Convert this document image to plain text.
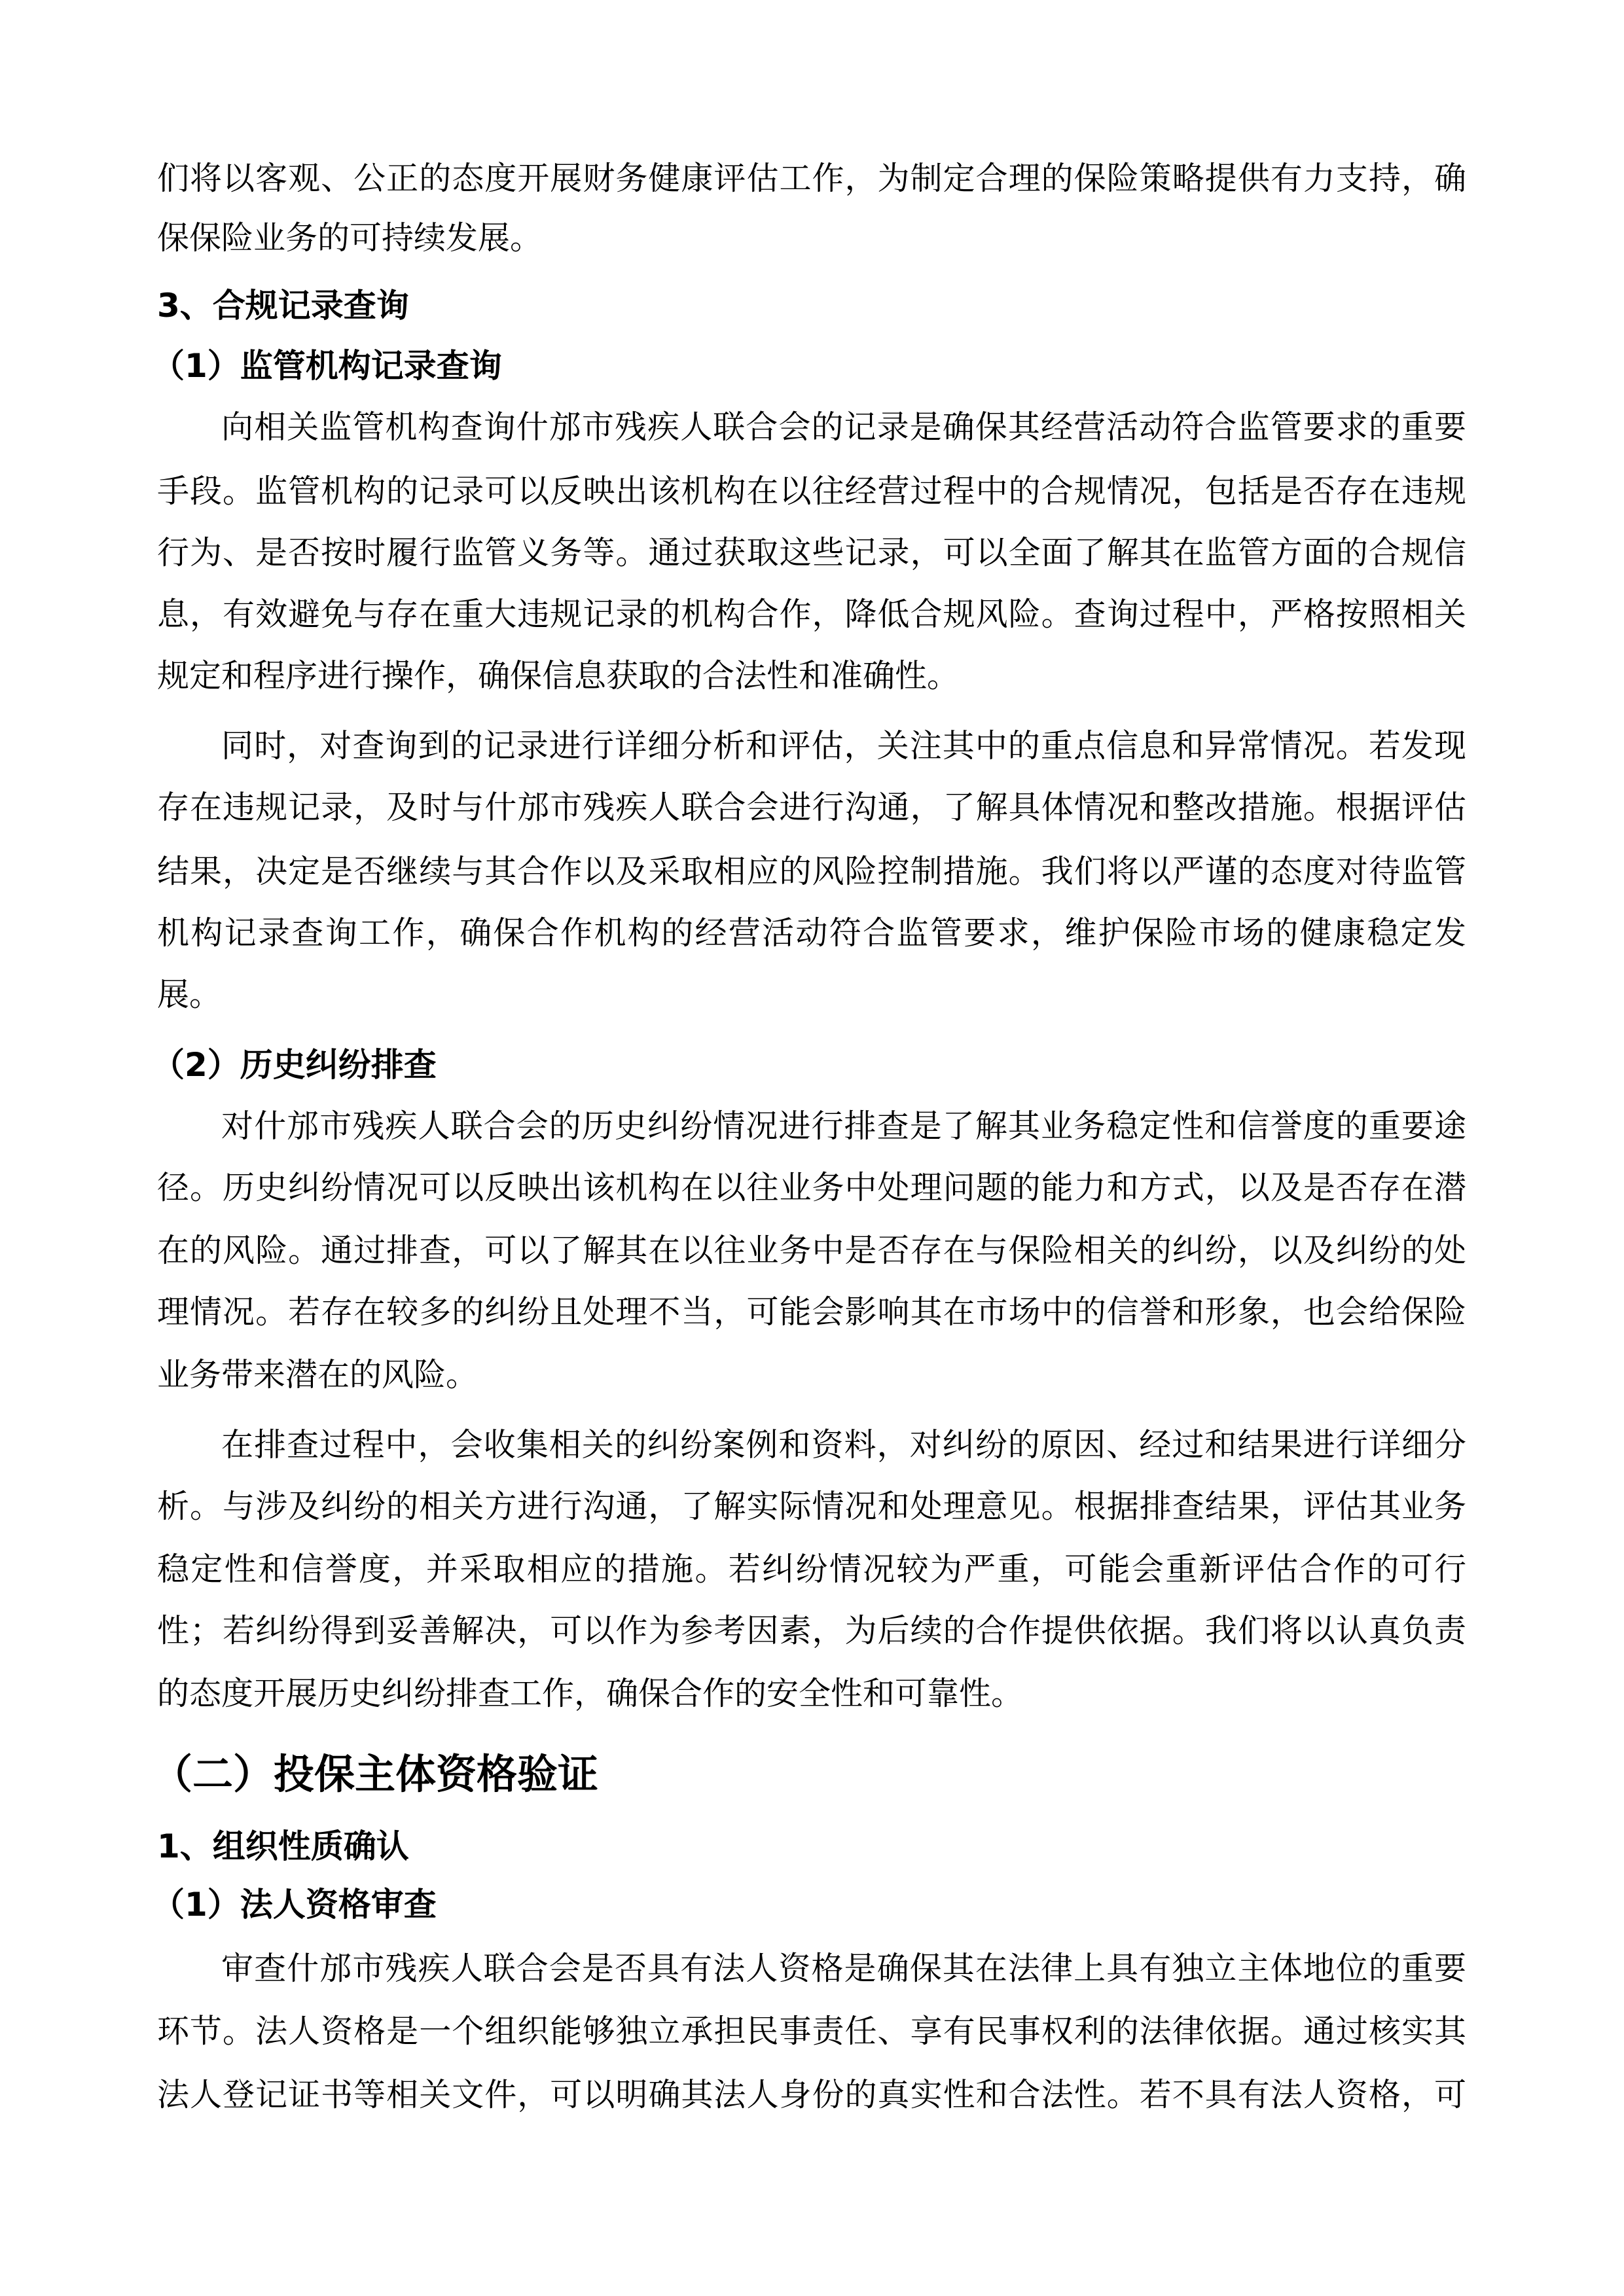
们将以客观、公正的态度开展财务健康评估工作，为制定合理的保险策略提供有力支持，确
保保险业务的可持续发展。
3、合规记录查询
（1）监管机构记录查询
向相关监管机构查询什邡市残疾人联合会的记录是确保其经营活动符合监管要求的重要
手段。监管机构的记录可以反映出该机构在以往经营过程中的合规情况，包括是否存在违规
行为、是否按时履行监管义务等。通过获取这些记录，可以全面了解其在监管方面的合规信
息，有效避免与存在重大违规记录的机构合作，降低合规风险。查询过程中，严格按照相关
规定和程序进行操作，确保信息获取的合法性和准确性。
同时，对查询到的记录进行详细分析和评估，关注其中的重点信息和异常情况。若发现
存在违规记录，及时与什邡市残疾人联合会进行沟通，了解具体情况和整改措施。根据评估
结果，决定是否继续与其合作以及采取相应的风险控制措施。我们将以严谨的态度对待监管
机构记录查询工作，确保合作机构的经营活动符合监管要求，维护保险市场的健康稳定发
展。
（2）历史纠纷排查
对什邡市残疾人联合会的历史纠纷情况进行排查是了解其业务稳定性和信誉度的重要途
径。历史纠纷情况可以反映出该机构在以往业务中处理问题的能力和方式，以及是否存在潜
在的风险。通过排查，可以了解其在以往业务中是否存在与保险相关的纠纷，以及纠纷的处
理情况。若存在较多的纠纷且处理不当，可能会影响其在市场中的信誉和形象，也会给保险
业务带来潜在的风险。
在排查过程中，会收集相关的纠纷案例和资料，对纠纷的原因、经过和结果进行详细分
析。与涉及纠纷的相关方进行沟通，了解实际情况和处理意见。根据排查结果，评估其业务
稳定性和信誉度，并采取相应的措施。若纠纷情况较为严重，可能会重新评估合作的可行
性；若纠纷得到妥善解决，可以作为参考因素，为后续的合作提供依据。我们将以认真负责
的态度开展历史纠纷排查工作，确保合作的安全性和可靠性。
（二）投保主体资格验证
1、组织性质确认
（1）法人资格审查
审查什邡市残疾人联合会是否具有法人资格是确保其在法律上具有独立主体地位的重要
环节。法人资格是一个组织能够独立承担民事责任、享有民事权利的法律依据。通过核实其
法人登记证书等相关文件，可以明确其法人身份的真实性和合法性。若不具有法人资格，可
